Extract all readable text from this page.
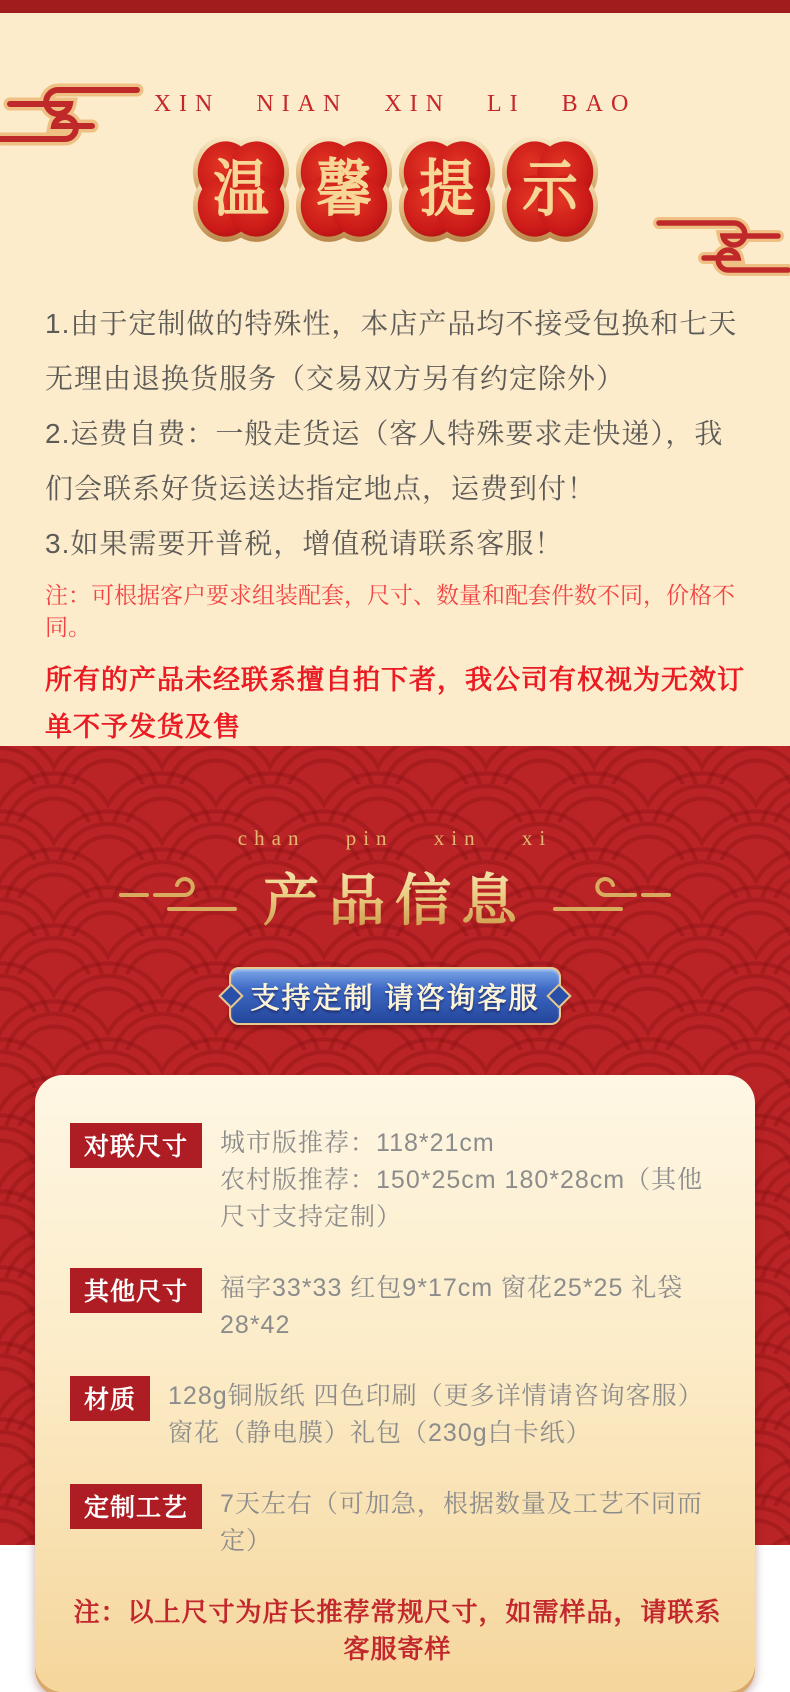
XIN NIAN XIN LI BAO
温 馨 提 示

1.由于定制做的特殊性，本店产品均不接受包换和七天

无理由退换货服务（交易双方另有约定除外）

2.运费自费：一般走货运（客人特殊要求走快递），我

们会联系好货运送达指定地点，运费到付！

3.如果需要开普税，增值税请联系客服！

注：可根据客户要求组装配套，尺寸、数量和配套件数不同，价格不同。

所有的产品未经联系擅自拍下者，我公司有权视为无效订单不予发货及售

chan pin xin xi
产品信息
支持定制 请咨询客服
对联尺寸	城市版推荐：118*21cm

农村版推荐：150*25cm 180*28cm（其他尺寸支持定制）

其他尺寸	福字33*33 红包9*17cm 窗花25*25 礼袋28*42

材质	128g铜版纸 四色印刷（更多详情请咨询客服）

窗花（静电膜）礼包（230g白卡纸）

定制工艺	7天左右（可加急，根据数量及工艺不同而定）

注：以上尺寸为店长推荐常规尺寸，如需样品，请联系客服寄样
